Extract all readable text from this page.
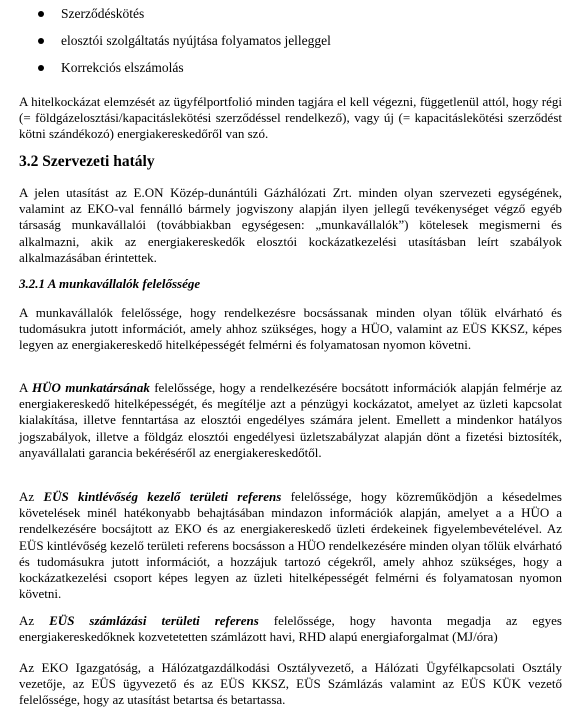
Szerződéskötés
elosztói szolgáltatás nyújtása folyamatos jelleggel
Korrekciós elszámolás
A hitelkockázat elemzését az ügyfélportfolió minden tagjára el kell végezni, függetlenül attól, hogy régi (= földgázelosztási/kapacitáslekötési szerződéssel rendelkező), vagy új (= kapacitáslekötési szerződést kötni szándékozó) energiakereskedőről van szó.
3.2 Szervezeti hatály
A jelen utasítást az E.ON Közép-dunántúli Gázhálózati Zrt. minden olyan szervezeti egységének, valamint az EKO-val fennálló bármely jogviszony alapján ilyen jellegű tevékenységet végző egyéb társaság munkavállalói (továbbiakban egységesen: „munkavállalók”) kötelesek megismerni és alkalmazni, akik az energiakereskedők elosztói kockázatkezelési utasításban leírt szabályok alkalmazásában érintettek.
3.2.1 A munkavállalók felelőssége
A munkavállalók felelőssége, hogy rendelkezésre bocsássanak minden olyan tőlük elvárható és tudomásukra jutott információt, amely ahhoz szükséges, hogy a HÜO, valamint az EÜS KKSZ, képes legyen az energiakereskedő hitelképességét felmérni és folyamatosan nyomon követni.
A HÜO munkatársának felelőssége, hogy a rendelkezésére bocsátott információk alapján felmérje az energiakereskedő hitelképességét, és megítélje azt a pénzügyi kockázatot, amelyet az üzleti kapcsolat kialakítása, illetve fenntartása az elosztói engedélyes számára jelent. Emellett a mindenkor hatályos jogszabályok, illetve a földgáz elosztói engedélyesi üzletszabályzat alapján dönt a fizetési biztosíték, anyavállalati garancia bekéréséről az energiakereskedőtől.
Az EÜS kintlévőség kezelő területi referens felelőssége, hogy közreműködjön a késedelmes követelések minél hatékonyabb behajtásában mindazon információk alapján, amelyet a a HÜO a rendelkezésére bocsájtott az EKO és az energiakereskedő üzleti érdekeinek figyelembevételével. Az EÜS kintlévőség kezelő területi referens bocsásson a HÜO rendelkezésére minden olyan tőlük elvárható és tudomásukra jutott információt, a hozzájuk tartozó cégekről, amely ahhoz szükséges, hogy a kockázatkezelési csoport képes legyen az üzleti hitelképességét felmérni és folyamatosan nyomon követni.
Az EÜS számlázási területi referens felelőssége, hogy havonta megadja az egyes energiakereskedőknek kozvetetetten számlázott havi, RHD alapú energiaforgalmat (MJ/óra)
Az EKO Igazgatóság, a Hálózatgazdálkodási Osztályvezető, a Hálózati Ügyfélkapcsolati Osztály vezetője, az EÜS ügyvezető és az EÜS KKSZ, EÜS Számlázás valamint az EÜS KÜK vezető felelőssége, hogy az utasítást betartsa és betartassa.
